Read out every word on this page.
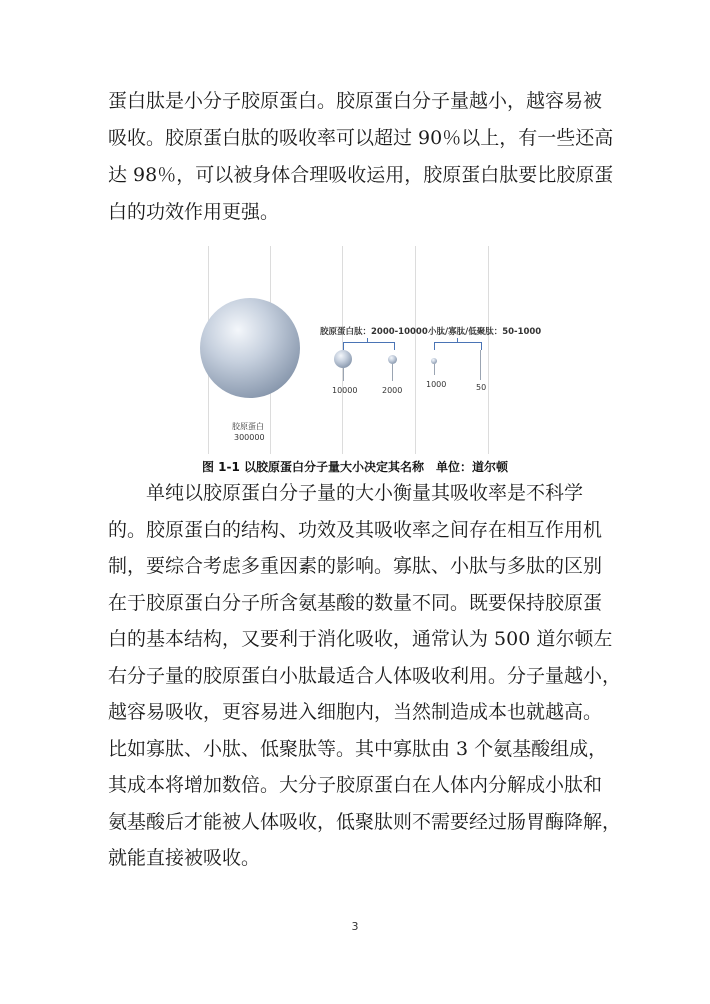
蛋白肽是小分子胶原蛋白。胶原蛋白分子量越小，越容易被
吸收。胶原蛋白肽的吸收率可以超过 90％以上，有一些还高
达 98％，可以被身体合理吸收运用，胶原蛋白肽要比胶原蛋
白的功效作用更强。
胶原蛋白
300000
胶原蛋白肽：2000-10000
10000	2000
小肽/寡肽/低聚肽：50-1000
1000	50
图 1-1 以胶原蛋白分子量大小决定其名称　单位：道尔顿
　　单纯以胶原蛋白分子量的大小衡量其吸收率是不科学
的。胶原蛋白的结构、功效及其吸收率之间存在相互作用机
制，要综合考虑多重因素的影响。寡肽、小肽与多肽的区别
在于胶原蛋白分子所含氨基酸的数量不同。既要保持胶原蛋
白的基本结构，又要利于消化吸收，通常认为 500 道尔顿左
右分子量的胶原蛋白小肽最适合人体吸收利用。分子量越小，
越容易吸收，更容易进入细胞内，当然制造成本也就越高。
比如寡肽、小肽、低聚肽等。其中寡肽由 3 个氨基酸组成，
其成本将增加数倍。大分子胶原蛋白在人体内分解成小肽和
氨基酸后才能被人体吸收，低聚肽则不需要经过肠胃酶降解，
就能直接被吸收。
3
